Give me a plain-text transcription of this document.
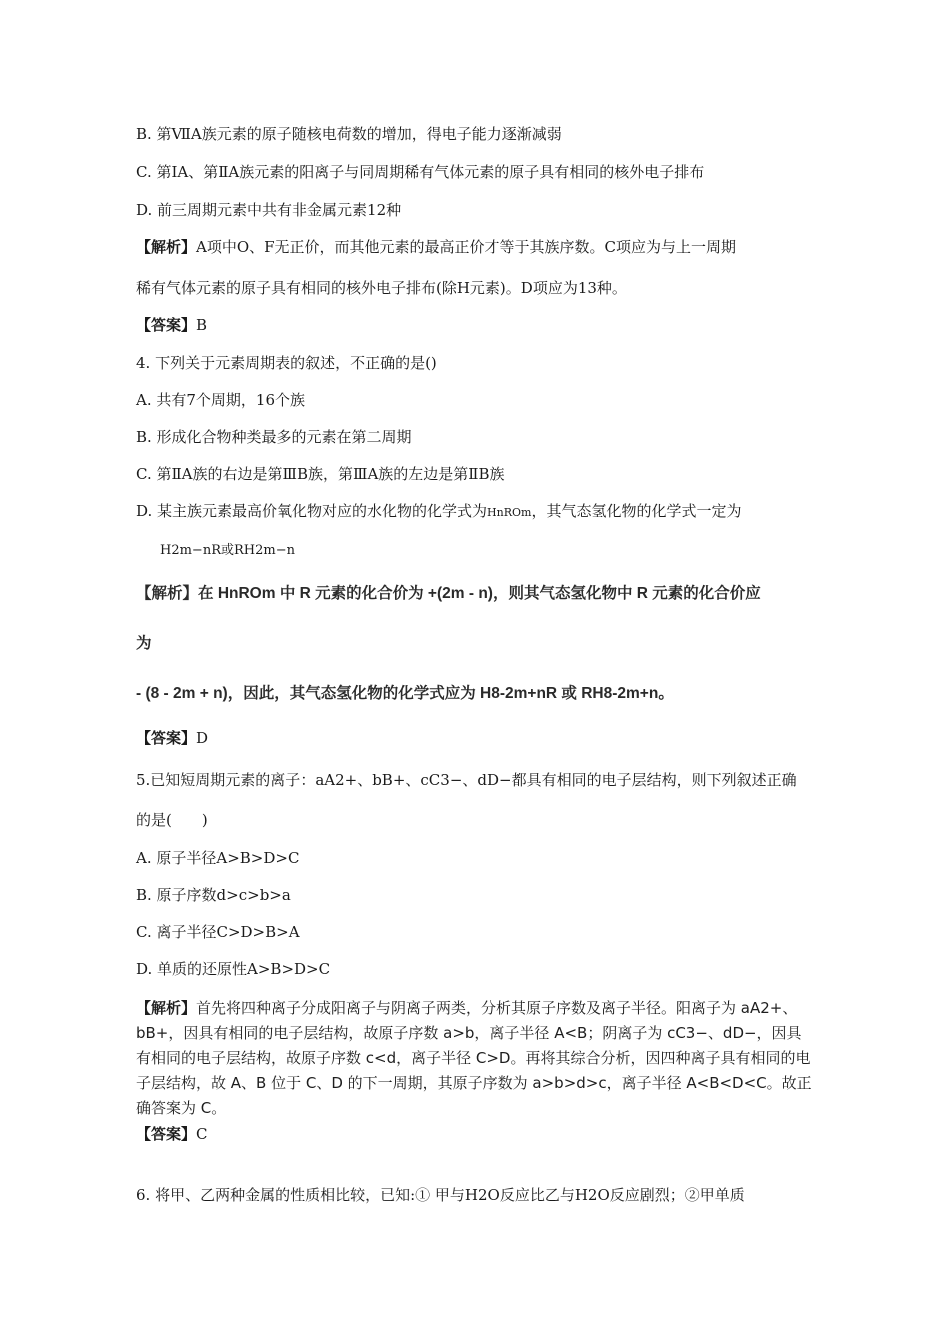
B. 第ⅦA族元素的原子随核电荷数的增加，得电子能力逐渐减弱
C. 第ⅠA、第ⅡA族元素的阳离子与同周期稀有气体元素的原子具有相同的核外电子排布
D. 前三周期元素中共有非金属元素12种
【解析】A项中O、F无正价，而其他元素的最高正价才等于其族序数。C项应为与上一周期
稀有气体元素的原子具有相同的核外电子排布(除H元素)。D项应为13种。
【答案】B
4. 下列关于元素周期表的叙述，不正确的是()
A. 共有7个周期，16个族
B. 形成化合物种类最多的元素在第二周期
C. 第ⅡA族的右边是第ⅢB族，第ⅢA族的左边是第ⅡB族
D. 某主族元素最高价氧化物对应的水化物的化学式为HnROm，其气态氢化物的化学式一定为
H2m−nR或RH2m−n
【解析】在 HnROm 中 R 元素的化合价为 +(2m - n)，则其气态氢化物中 R 元素的化合价应
为
- (8 - 2m + n)，因此，其气态氢化物的化学式应为 H8-2m+nR 或 RH8-2m+n。
【答案】D
5.已知短周期元素的离子：aA2+、bB+、cC3−、dD−都具有相同的电子层结构，则下列叙述正确
的是(　　)
A. 原子半径A>B>D>C
B. 原子序数d>c>b>a
C. 离子半径C>D>B>A
D. 单质的还原性A>B>D>C
【解析】首先将四种离子分成阳离子与阴离子两类，分析其原子序数及离子半径。阳离子为 aA2+、bB+，因具有相同的电子层结构，故原子序数 a>b，离子半径 A<B；阴离子为 cC3−、dD−，因具有相同的电子层结构，故原子序数 c<d，离子半径 C>D。再将其综合分析，因四种离子具有相同的电子层结构，故 A、B 位于 C、D 的下一周期，其原子序数为 a>b>d>c，离子半径 A<B<D<C。故正确答案为 C。
【答案】C
6. 将甲、乙两种金属的性质相比较，已知:① 甲与H2O反应比乙与H2O反应剧烈；②甲单质
